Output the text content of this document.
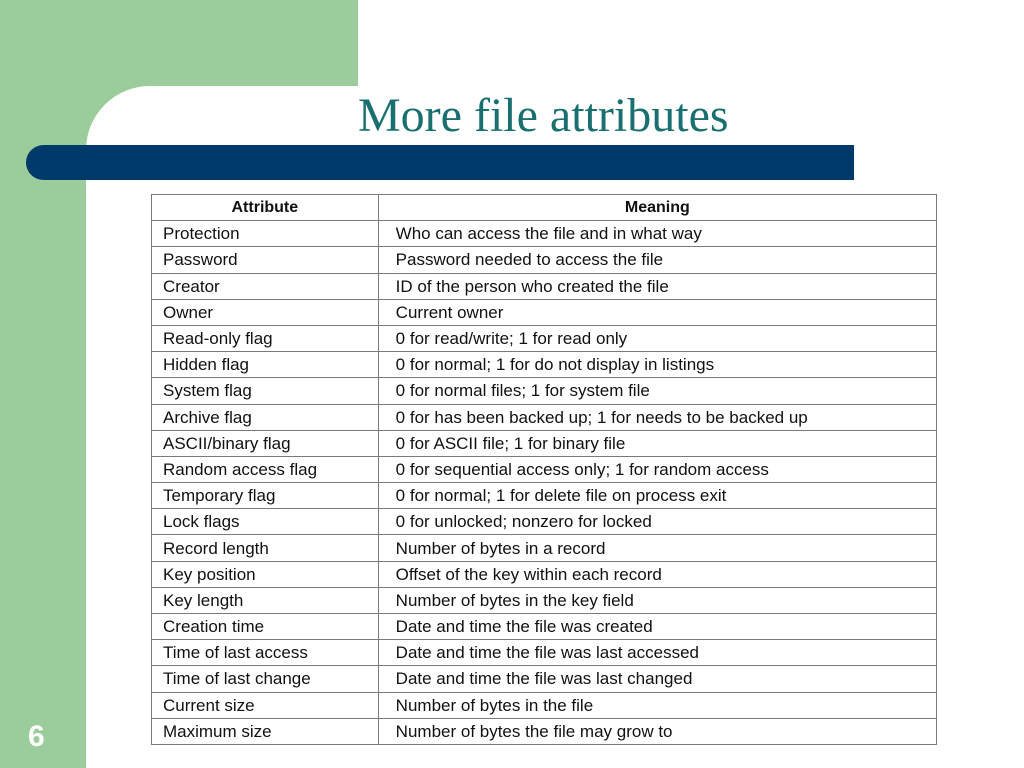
More file attributes
Attribute	Meaning
Protection	Who can access the file and in what way
Password	Password needed to access the file
Creator	ID of the person who created the file
Owner	Current owner
Read-only flag	0 for read/write; 1 for read only
Hidden flag	0 for normal; 1 for do not display in listings
System flag	0 for normal files; 1 for system file
Archive flag	0 for has been backed up; 1 for needs to be backed up
ASCII/binary flag	0 for ASCII file; 1 for binary file
Random access flag	0 for sequential access only; 1 for random access
Temporary flag	0 for normal; 1 for delete file on process exit
Lock flags	0 for unlocked; nonzero for locked
Record length	Number of bytes in a record
Key position	Offset of the key within each record
Key length	Number of bytes in the key field
Creation time	Date and time the file was created
Time of last access	Date and time the file was last accessed
Time of last change	Date and time the file was last changed
Current size	Number of bytes in the file
Maximum size	Number of bytes the file may grow to
6
